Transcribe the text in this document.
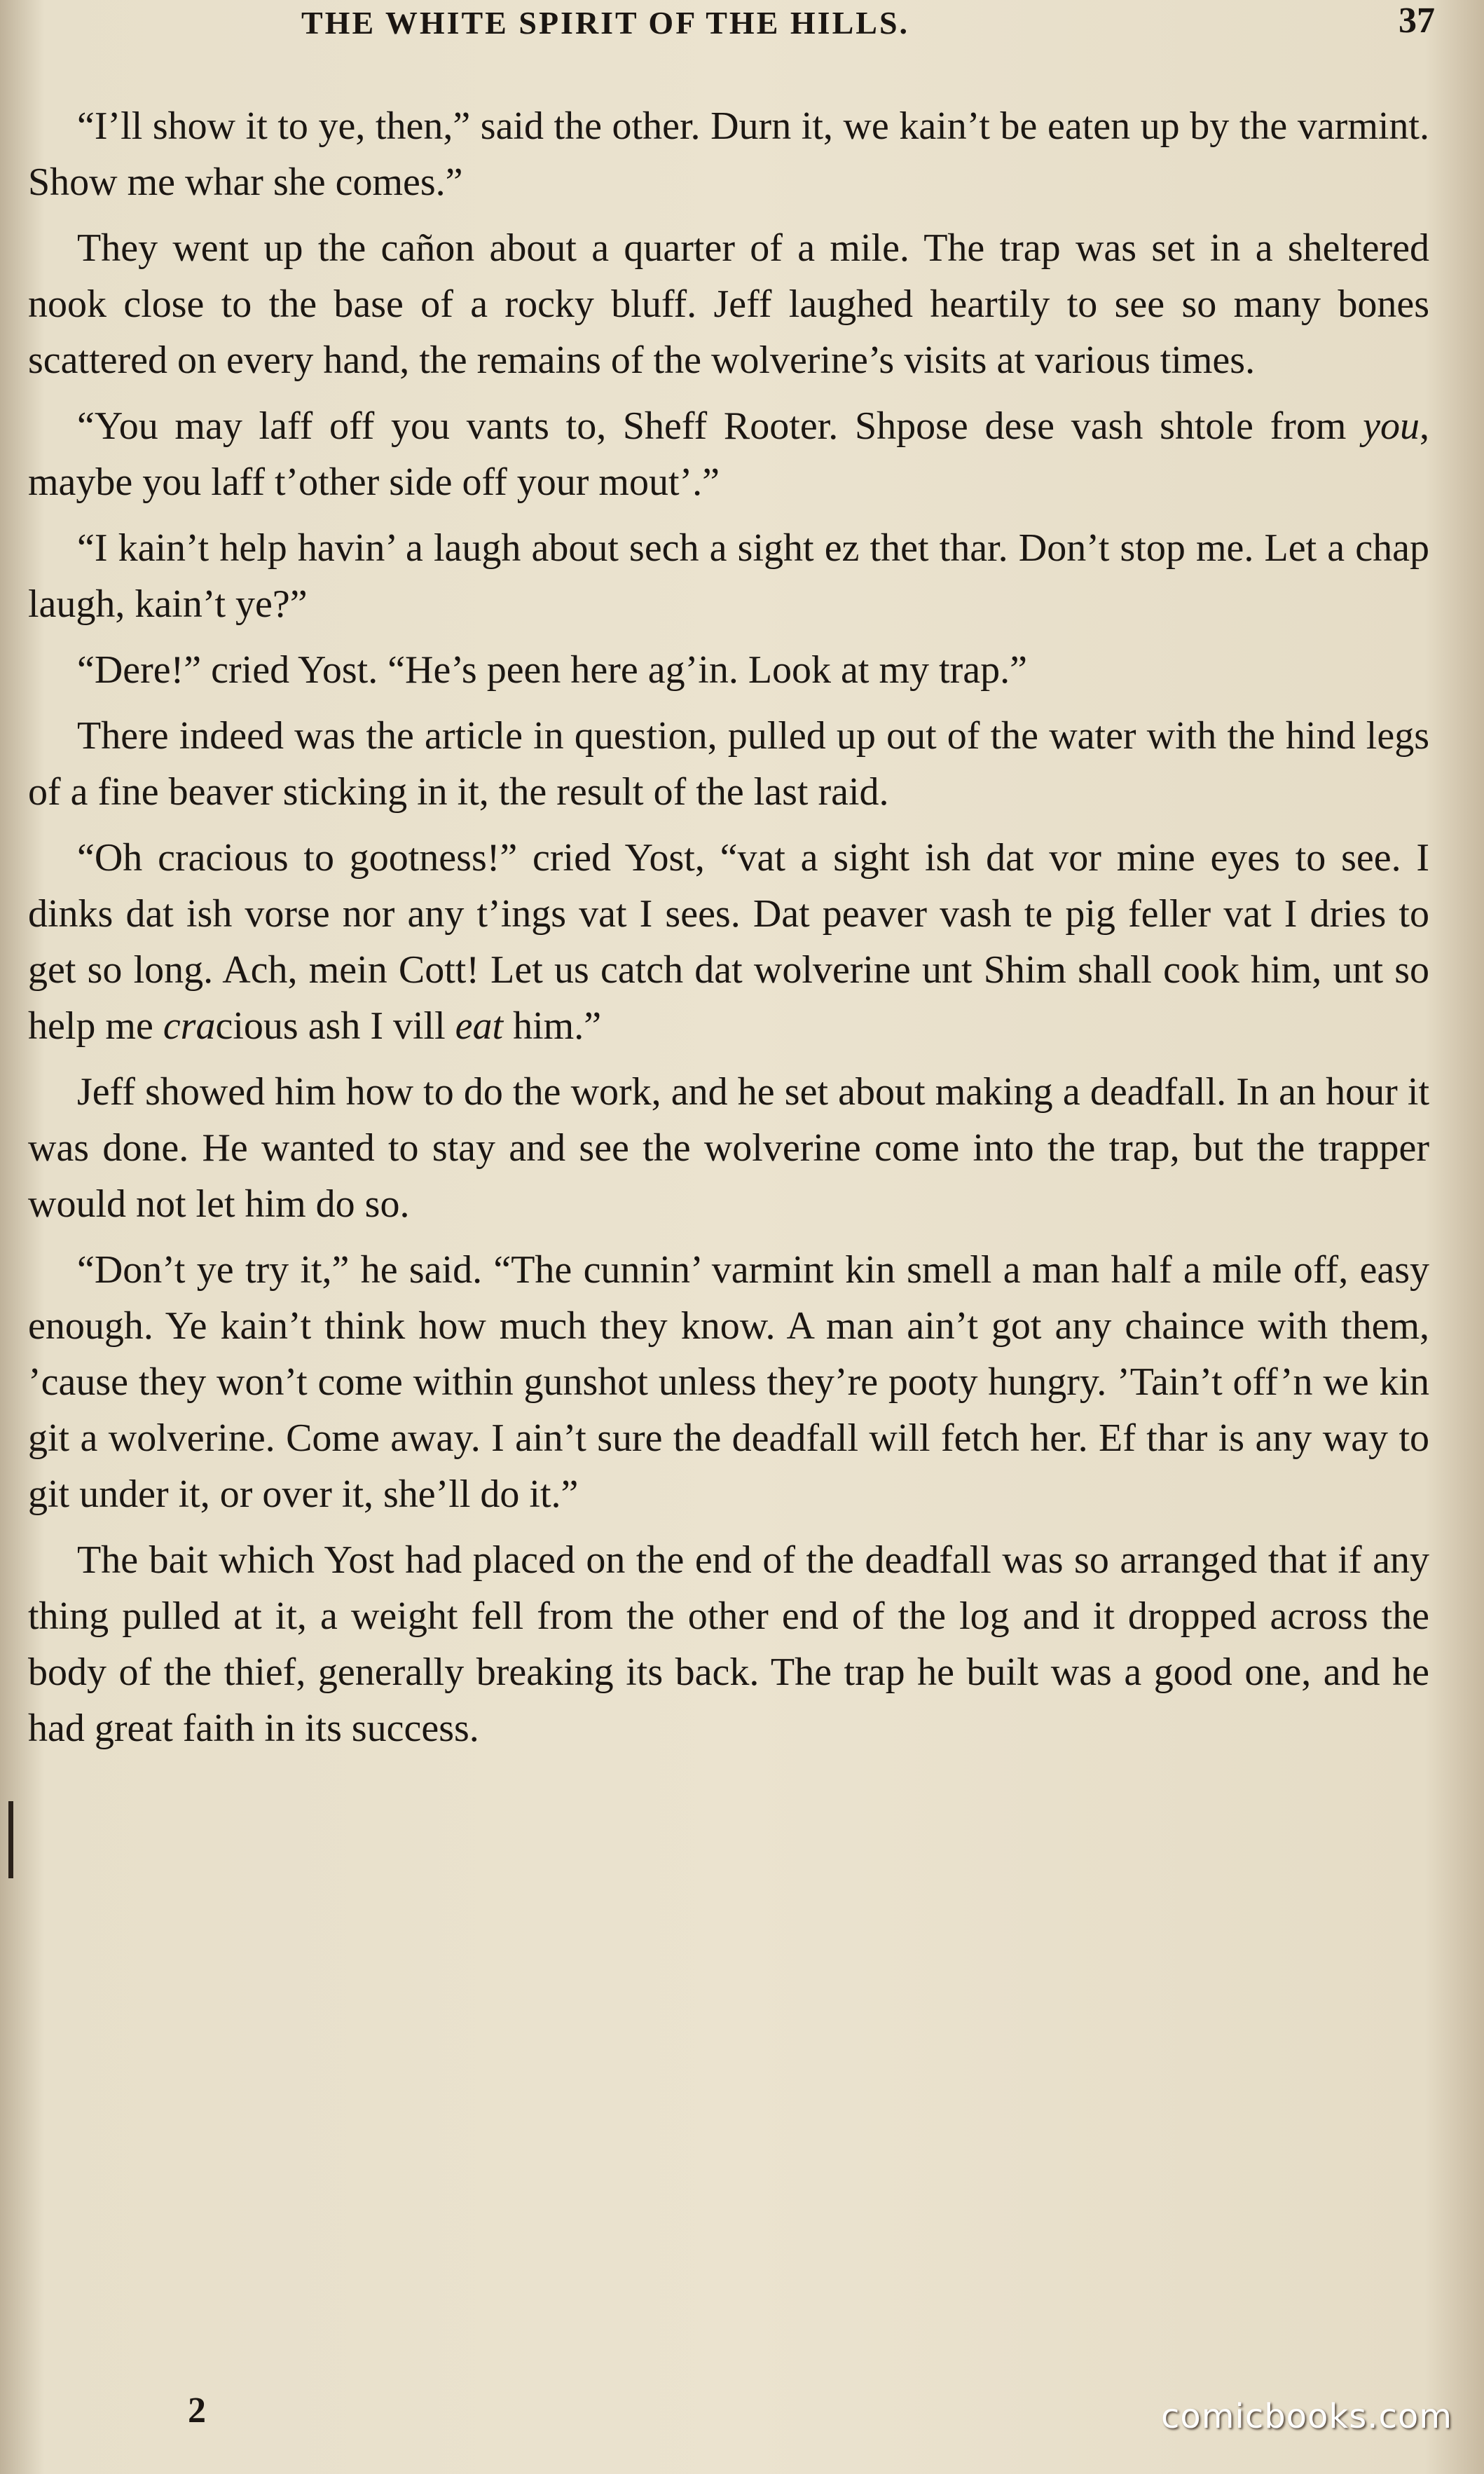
THE WHITE SPIRIT OF THE HILLS.	37

“I’ll show it to ye, then,” said the other. Durn it, we kain’t be eaten up by the varmint. Show me whar she comes.”

They went up the cañon about a quarter of a mile. The trap was set in a sheltered nook close to the base of a rocky bluff. Jeff laughed heartily to see so many bones scattered on every hand, the remains of the wolverine’s visits at various times.

“You may laff off you vants to, Sheff Rooter. Shpose dese vash shtole from you, maybe you laff t’other side off your mout’.”

“I kain’t help havin’ a laugh about sech a sight ez thet thar. Don’t stop me. Let a chap laugh, kain’t ye?”

“Dere!” cried Yost. “He’s peen here ag’in. Look at my trap.”

There indeed was the article in question, pulled up out of the water with the hind legs of a fine beaver sticking in it, the result of the last raid.

“Oh cracious to gootness!” cried Yost, “vat a sight ish dat vor mine eyes to see. I dinks dat ish vorse nor any t’ings vat I sees. Dat peaver vash te pig feller vat I dries to get so long. Ach, mein Cott! Let us catch dat wolverine unt Shim shall cook him, unt so help me cracious ash I vill eat him.”

Jeff showed him how to do the work, and he set about making a deadfall. In an hour it was done. He wanted to stay and see the wolverine come into the trap, but the trapper would not let him do so.

“Don’t ye try it,” he said. “The cunnin’ varmint kin smell a man half a mile off, easy enough. Ye kain’t think how much they know. A man ain’t got any chaince with them, ’cause they won’t come within gunshot unless they’re pooty hungry. ’Tain’t off’n we kin git a wolverine. Come away. I ain’t sure the deadfall will fetch her. Ef thar is any way to git under it, or over it, she’ll do it.”

The bait which Yost had placed on the end of the deadfall was so arranged that if any thing pulled at it, a weight fell from the other end of the log and it dropped across the body of the thief, generally breaking its back. The trap he built was a good one, and he had great faith in its success.

2	comicbooks.com
